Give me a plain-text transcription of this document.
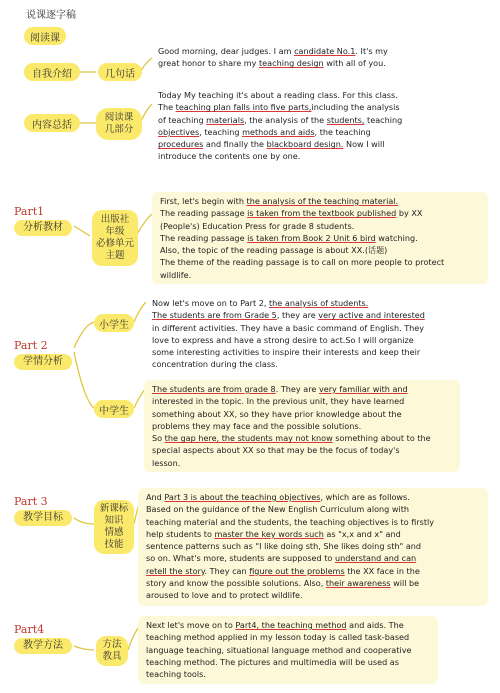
说课逐字稿
阅读课
自我介绍	几句话
Good morning, dear judges. I am candidate No.1. It's my
great honor to share my teaching design with all of you.
内容总括
阅读课
几部分
Today My teaching it's about a reading class. For this class.
The teaching plan falls into five parts,including the analysis
of teaching materials, the analysis of the students, teaching
objectives, teaching methods and aids, the teaching
procedures and finally the blackboard design. Now I will
introduce the contents one by one.
Part1
分析教材
出版社
年级
必修单元
主题
First, let's begin with the analysis of the teaching material.
The reading passage is taken from the textbook published by XX
(People's) Education Press for grade 8 students.
The reading passage is taken from Book 2 Unit 6 bird watching.
Also, the topic of the reading passage is about XX.(话题)
The theme of the reading passage is to call on more people to protect
wildlife.
Part 2
学情分析
小学生
中学生
Now let's move on to Part 2, the analysis of students.
The students are from Grade 5, they are very active and interested
in different activities. They have a basic command of English. They
love to express and have a strong desire to act.So I will organize
some interesting activities to inspire their interests and keep their
concentration during the class.
The students are from grade 8. They are very familiar with and
interested in the topic. In the previous unit, they have learned
something about XX, so they have prior knowledge about the
problems they may face and the possible solutions.
So the gap here, the students may not know something about to the
special aspects about XX so that may be the focus of today's
lesson.
Part 3
教学目标
新课标
知识
情感
技能
And Part 3 is about the teaching objectives, which are as follows.
Based on the guidance of the New English Curriculum along with
teaching material and the students, the teaching objectives is to firstly
help students to master the key words such as "x,x and x" and
sentence patterns such as "I like doing sth, She likes doing sth" and
so on. What's more, students are supposed to understand and can
retell the story. They can figure out the problems the XX face in the
story and know the possible solutions. Also, their awareness will be
aroused to love and to protect wildlife.
Part4
教学方法	方法
教具
Next let's move on to Part4, the teaching method and aids. The
teaching method applied in my lesson today is called task-based
language teaching, situational language method and cooperative
teaching method. The pictures and multimedia will be used as
teaching tools.
